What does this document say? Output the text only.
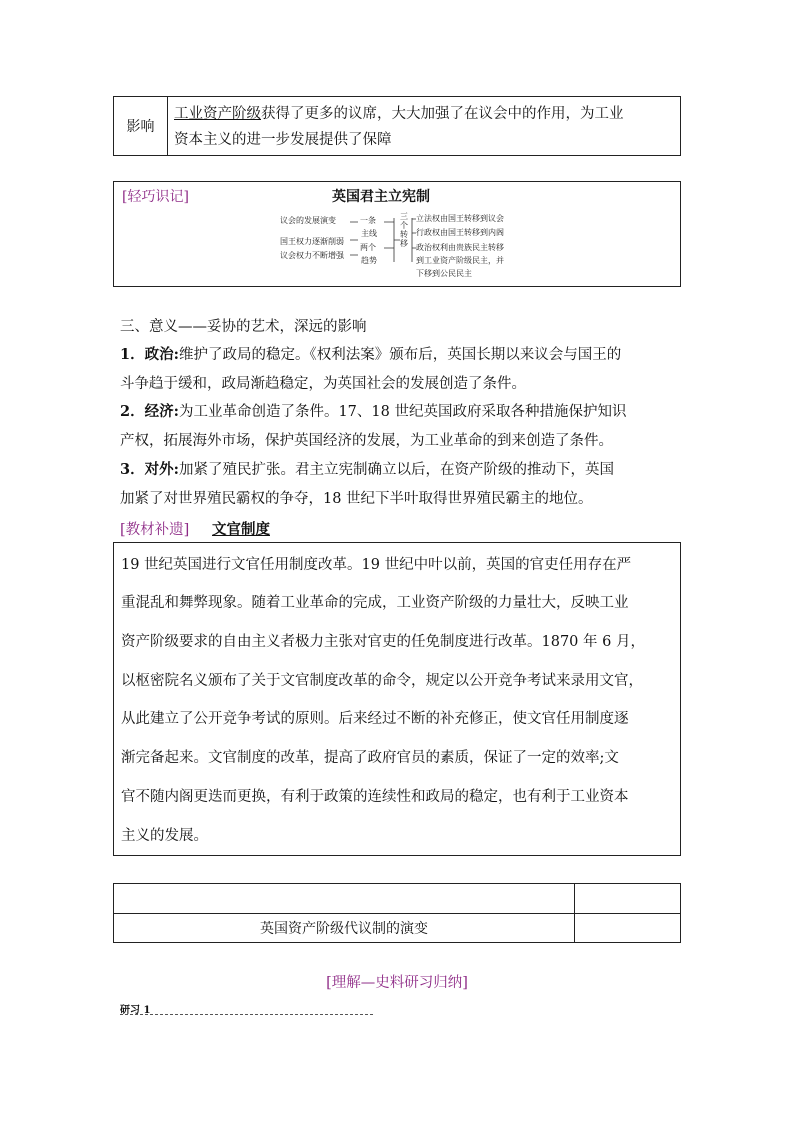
影响
工业资产阶级获得了更多的议席，大大加强了在议会中的作用，为工业
资本主义的进一步发展提供了保障
[轻巧识记]	英国君主立宪制
议会的发展演变
国王权力逐渐削弱
议会权力不断增强
一条
主线
两个
趋势
三个转移
立法权由国王转移到议会
行政权由国王转移到内阁
政治权利由贵族民主转移
到工业资产阶级民主，并
下移到公民民主
三、意义——妥协的艺术，深远的影响
1．政治:维护了政局的稳定。《权利法案》颁布后，英国长期以来议会与国王的
斗争趋于缓和，政局渐趋稳定，为英国社会的发展创造了条件。
2．经济:为工业革命创造了条件。17、18 世纪英国政府采取各种措施保护知识
产权，拓展海外市场，保护英国经济的发展，为工业革命的到来创造了条件。
3．对外:加紧了殖民扩张。君主立宪制确立以后，在资产阶级的推动下，英国
加紧了对世界殖民霸权的争夺，18 世纪下半叶取得世界殖民霸主的地位。
[教材补遗] 文官制度
19 世纪英国进行文官任用制度改革。19 世纪中叶以前，英国的官吏任用存在严
重混乱和舞弊现象。随着工业革命的完成，工业资产阶级的力量壮大，反映工业
资产阶级要求的自由主义者极力主张对官吏的任免制度进行改革。1870 年 6 月，
以枢密院名义颁布了关于文官制度改革的命令，规定以公开竞争考试来录用文官，
从此建立了公开竞争考试的原则。后来经过不断的补充修正，使文官任用制度逐
渐完备起来。文官制度的改革，提高了政府官员的素质，保证了一定的效率;文
官不随内阁更迭而更换，有利于政策的连续性和政局的稳定，也有利于工业资本
主义的发展。
英国资产阶级代议制的演变
[理解—史料研习归纳]
研习 1
